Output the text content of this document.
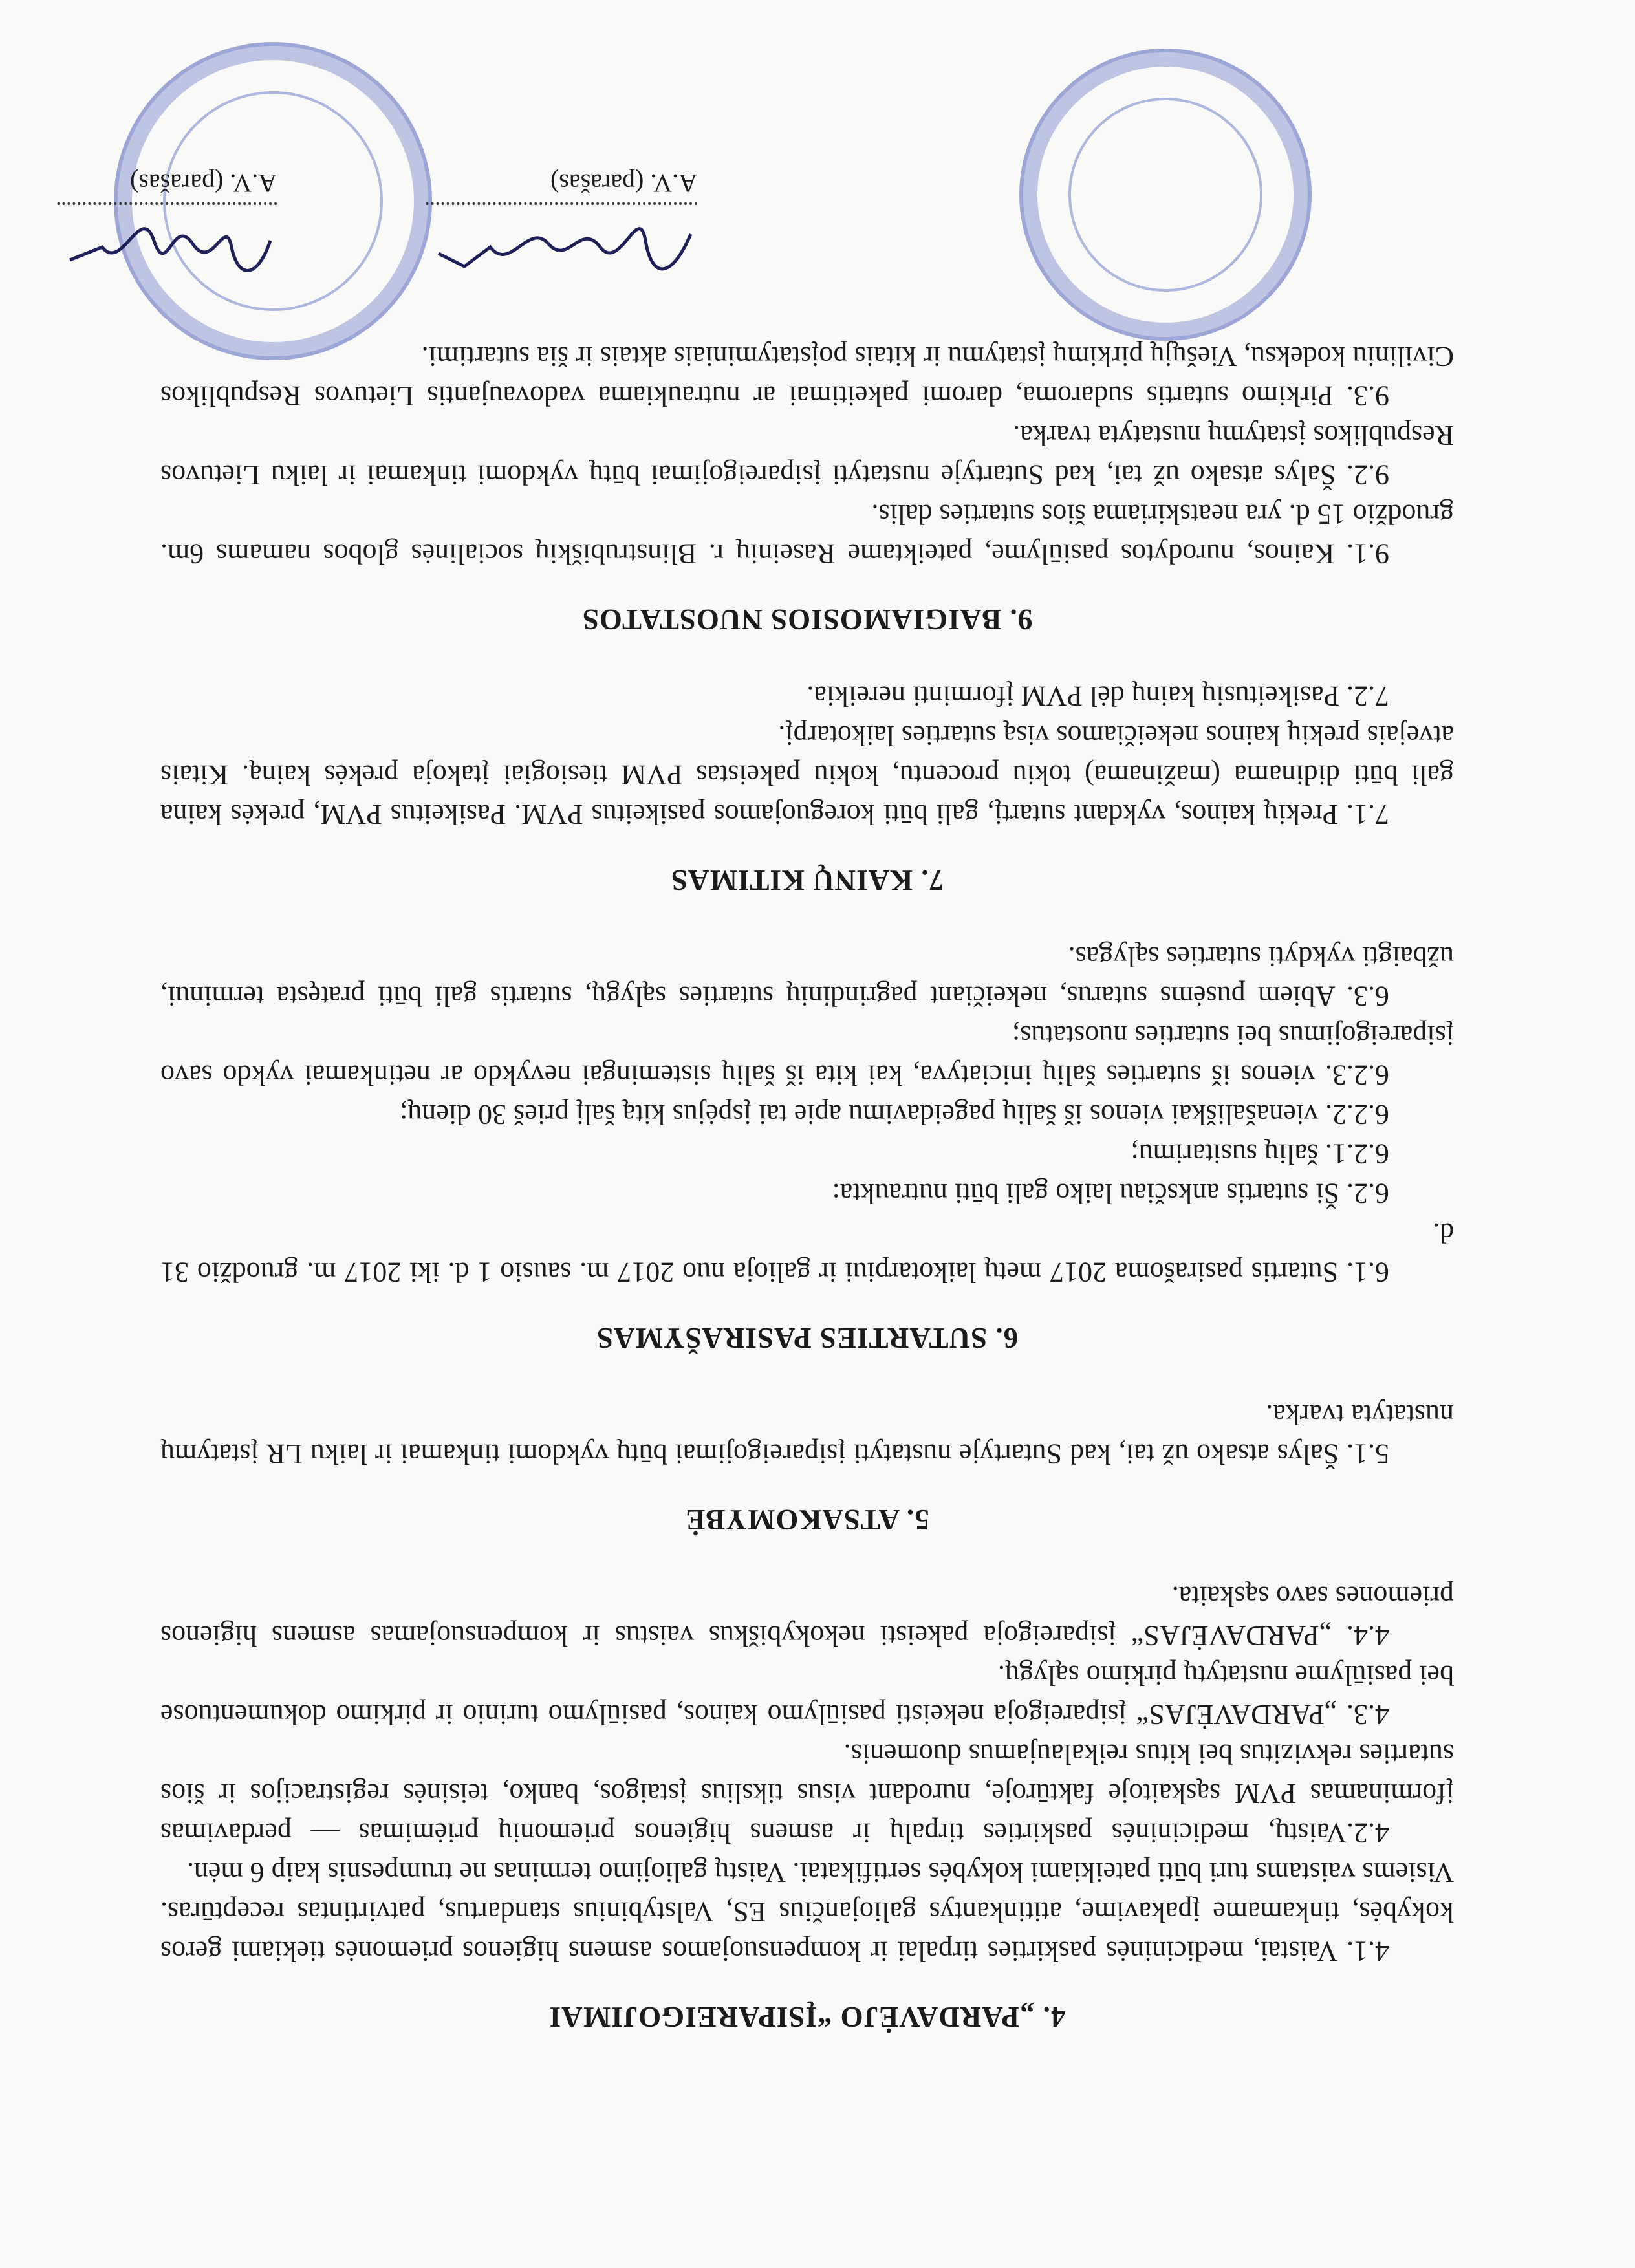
4. „PARDAVĖJO “ĮSIPAREIGOJIMAI

4.1. Vaistai, medicininės paskirties tirpalai ir kompensuojamos asmens higienos priemonės tiekiami geros kokybės, tinkamame įpakavime, atitinkantys galiojančius ES, Valstybinius standartus, patvirtintas receptūras. Visiems vaistams turi būti pateikiami kokybės sertifikatai. Vaistų galiojimo terminas ne trumpesnis kaip 6 mėn.

4.2.Vaistų, medicininės paskirties tirpalų ir asmens higienos priemonių priėmimas — perdavimas įforminamas PVM sąskaitoje faktūroje, nurodant visus tikslius įstaigos, banko, teisinės registracijos ir šios sutarties rekvizitus bei kitus reikalaujamus duomenis.

4.3. „PARDAVĖJAS“ įsipareigoja nekeisti pasiūlymo kainos, pasiūlymo turinio ir pirkimo dokumentuose bei pasiūlyme nustatytų pirkimo sąlygų.

4.4. „PARDAVĖJAS“ įsipareigoja pakeisti nekokybiškus vaistus ir kompensuojamas asmens higienos priemones savo sąskaita.

5. ATSAKOMYBĖ

5.1. Šalys atsako už tai, kad Sutartyje nustatyti įsipareigojimai būtų vykdomi tinkamai ir laiku LR įstatymų nustatyta tvarka.

6. SUTARTIES PASIRAŠYMAS

6.1. Sutartis pasirašoma 2017 metų laikotarpiui ir galioja nuo 2017 m. sausio 1 d. iki 2017 m. gruodžio 31 d.

6.2. Ši sutartis anksčiau laiko gali būti nutraukta:

6.2.1. šalių susitarimu;

6.2.2. vienašališkai vienos iš šalių pageidavimu apie tai įspėjus kitą šalį prieš 30 dienų;

6.2.3. vienos iš sutarties šalių iniciatyva, kai kita iš šalių sistemingai nevykdo ar netinkamai vykdo savo įsipareigojimus bei sutarties nuostatus;

6.3. Abiem pusėms sutarus, nekeičiant pagrindinių sutarties sąlygų, sutartis gali būti pratęsta terminui, užbaigti vykdyti sutarties sąlygas.

7. KAINŲ KITIMAS

7.1. Prekių kainos, vykdant sutartį, gali būti koreguojamos pasikeitus PVM. Pasikeitus PVM, prekės kaina gali būti didinama (mažinama) tokiu procentu, kokiu pakeistas PVM tiesiogiai įtakoja prekės kainą. Kitais atvejais prekių kainos nekeičiamos visą sutarties laikotarpį.

7.2. Pasikeitusių kainų dėl PVM įforminti nereikia.

9. BAIGIAMOSIOS NUOSTATOS

9.1. Kainos, nurodytos pasiūlyme, pateiktame Raseinių r. Blinstrubiškių socialinės globos namams 6m. gruodžio 15 d. yra neatskiriama šios sutarties dalis.

9.2. Šalys atsako už tai, kad Sutartyje nustatyti įsipareigojimai būtų vykdomi tinkamai ir laiku Lietuvos Respublikos įstatymų nustatyta tvarka.

9.3. Pirkimo sutartis sudaroma, daromi pakeitimai ar nutraukiama vadovaujantis Lietuvos Respublikos Civiliniu kodeksu, Viešųjų pirkimų įstatymu ir kitais poįstatyminiais aktais ir šia sutartimi.

A.V. (parašas)
A.V. (parašas)
